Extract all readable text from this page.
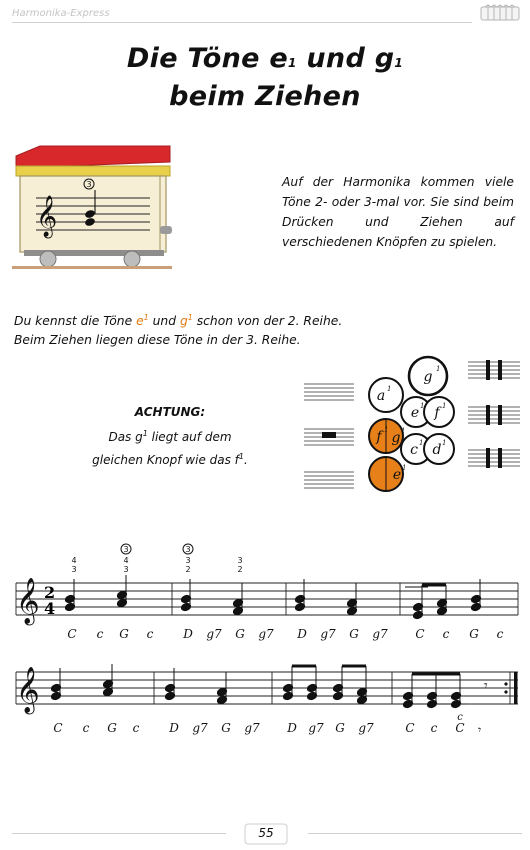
Harmonika-Express
Die Töne $e^1$ und $g^1$
beim Ziehen
𝄞
3	Auf der Harmonika kommen viele Töne 2- oder 3-mal vor. Sie sind beim Drücken und Ziehen auf verschiedenen Knöpfen zu spielen.
Du kennst die Töne $e^1$ und $g^1$ schon von der 2. Reihe.
Beim Ziehen liegen diese Töne in der 3. Reihe.
ACHTUNG:
Das $g^1$ liegt auf dem
gleichen Knopf wie das $f^1$.
g 1
a 1
e 1 f 1
f 1 g 1
c 1 d 1
e 1
𝄞 2
4
4
3
4
3
3
2
3
2
3	3
C c G c D g7 G g7 D g7 G g7 C c G c
𝄞	𝄾
C c G c D g7 G g7 D g7 G g7	C c C
c
𝄾
55
